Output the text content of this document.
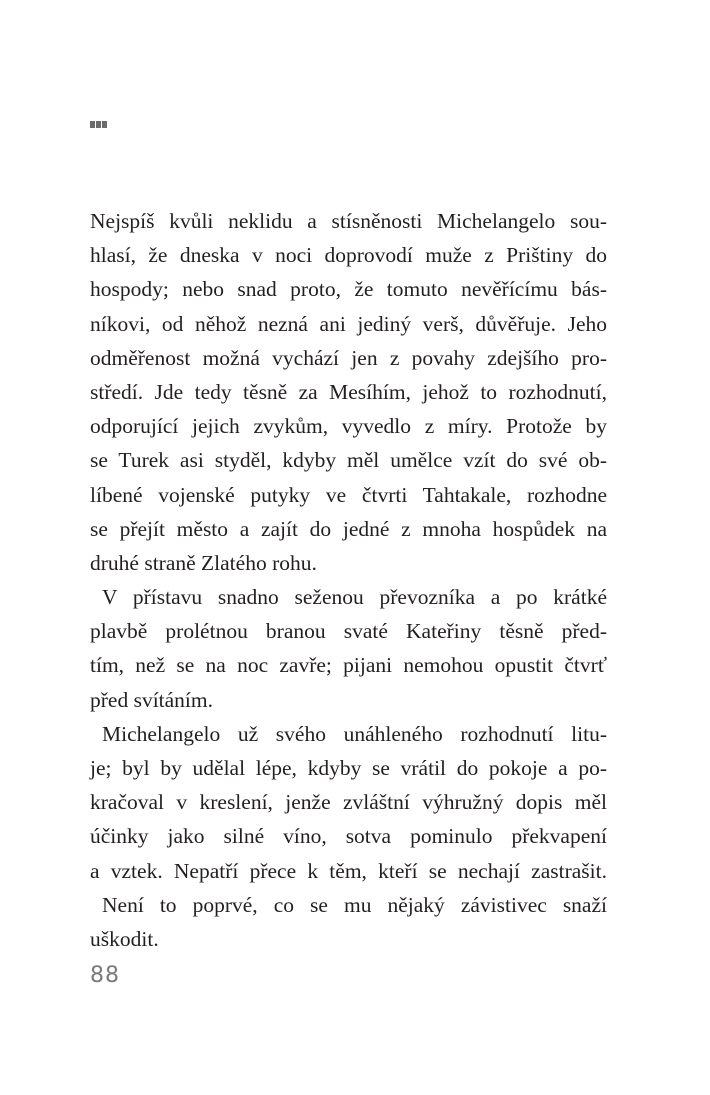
Nejspíš kvůli neklidu a stísněnosti Michelangelo sou-
hlasí, že dneska v noci doprovodí muže z Prištiny do
hospody; nebo snad proto, že tomuto nevěřícímu bás-
níkovi, od něhož nezná ani jediný verš, důvěřuje. Jeho
odměřenost možná vychází jen z povahy zdejšího pro-
středí. Jde tedy těsně za Mesíhím, jehož to rozhodnutí,
odporující jejich zvykům, vyvedlo z míry. Protože by
se Turek asi styděl, kdyby měl umělce vzít do své ob-
líbené vojenské putyky ve čtvrti Tahtakale, rozhodne
se přejít město a zajít do jedné z mnoha hospůdek na
druhé straně Zlatého rohu.
V přístavu snadno seženou převozníka a po krátké
plavbě prolétnou branou svaté Kateřiny těsně před-
tím, než se na noc zavře; pijani nemohou opustit čtvrť
před svítáním.
Michelangelo už svého unáhleného rozhodnutí litu-
je; byl by udělal lépe, kdyby se vrátil do pokoje a po-
kračoval v kreslení, jenže zvláštní výhružný dopis měl
účinky jako silné víno, sotva pominulo překvapení
a vztek. Nepatří přece k těm, kteří se nechají zastrašit.
Není to poprvé, co se mu nějaký závistivec snaží
uškodit.
88
